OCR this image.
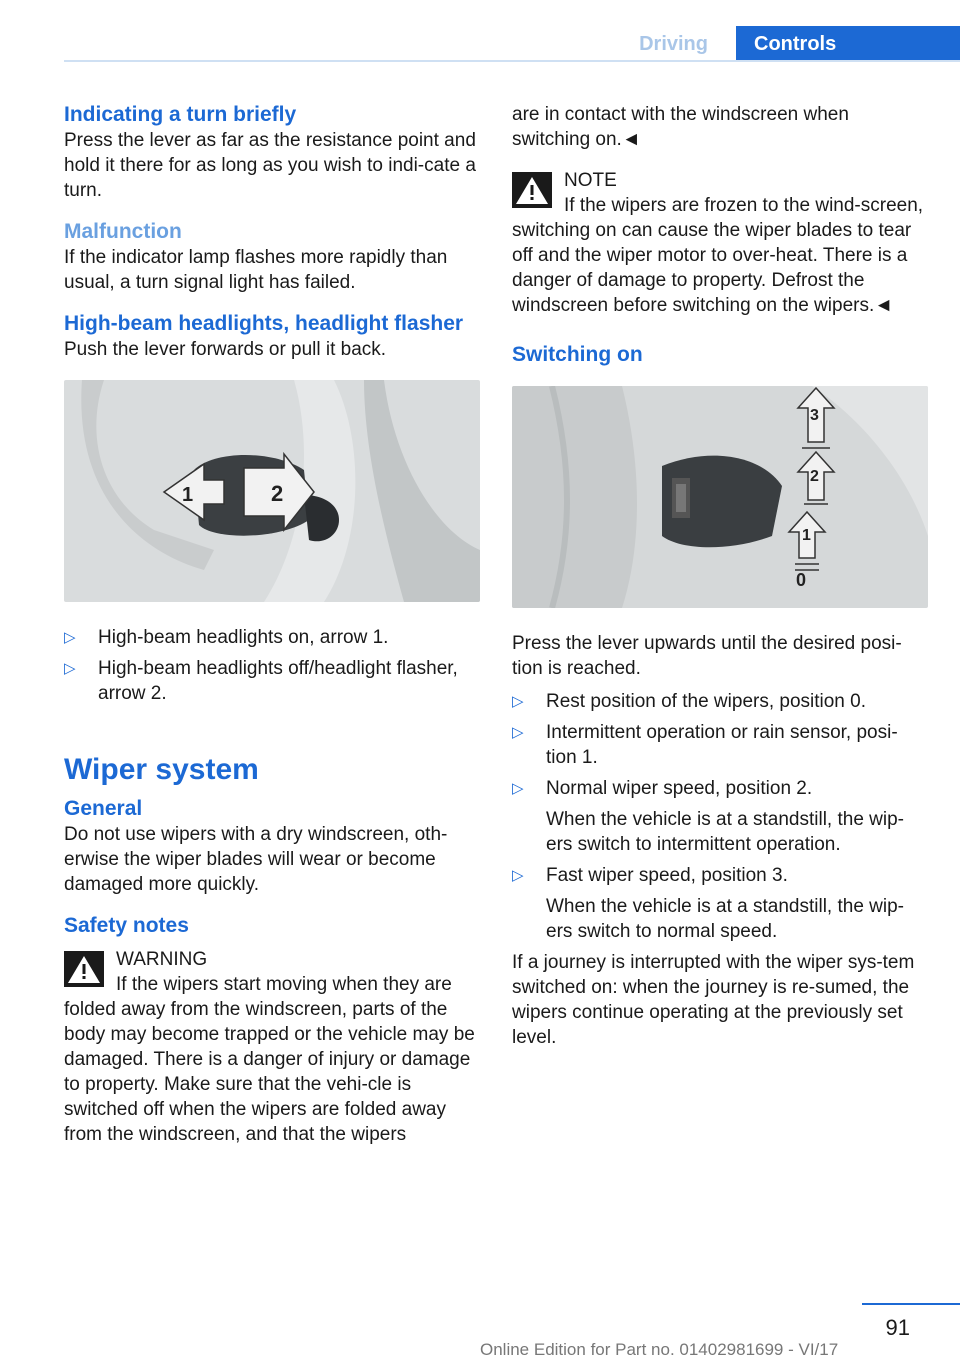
Driving	Controls
Indicating a turn briefly

Press the lever as far as the resistance point and hold it there for as long as you wish to indi-cate a turn.

Malfunction

If the indicator lamp flashes more rapidly than usual, a turn signal light has failed.

High-beam headlights, headlight flasher

Push the lever forwards or pull it back.

1	2
▷ High-beam headlights on, arrow 1.
▷ High-beam headlights off/headlight flasher, arrow 2.
Wiper system
General

Do not use wipers with a dry windscreen, oth-erwise the wiper blades will wear or become damaged more quickly.

Safety notes
WARNING

If the wipers start moving when they are folded away from the windscreen, parts of the body may become trapped or the vehicle may be damaged. There is a danger of injury or damage to property. Make sure that the vehi-cle is switched off when the wipers are folded away from the windscreen, and that the wipers

are in contact with the windscreen when switching on.◄

NOTE

If the wipers are frozen to the wind-screen, switching on can cause the wiper blades to tear off and the wiper motor to over-heat. There is a danger of damage to property. Defrost the windscreen before switching on the wipers.◄

Switching on
3
2
1
0

Press the lever upwards until the desired posi-tion is reached.

▷ Rest position of the wipers, position 0.
▷ Intermittent operation or rain sensor, posi-tion 1.
▷ Normal wiper speed, position 2.
When the vehicle is at a standstill, the wip-ers switch to intermittent operation.
▷ Fast wiper speed, position 3.
When the vehicle is at a standstill, the wip-ers switch to normal speed.

If a journey is interrupted with the wiper sys-tem switched on: when the journey is re-sumed, the wipers continue operating at the previously set level.

91
Online Edition for Part no. 01402981699 - VI/17
